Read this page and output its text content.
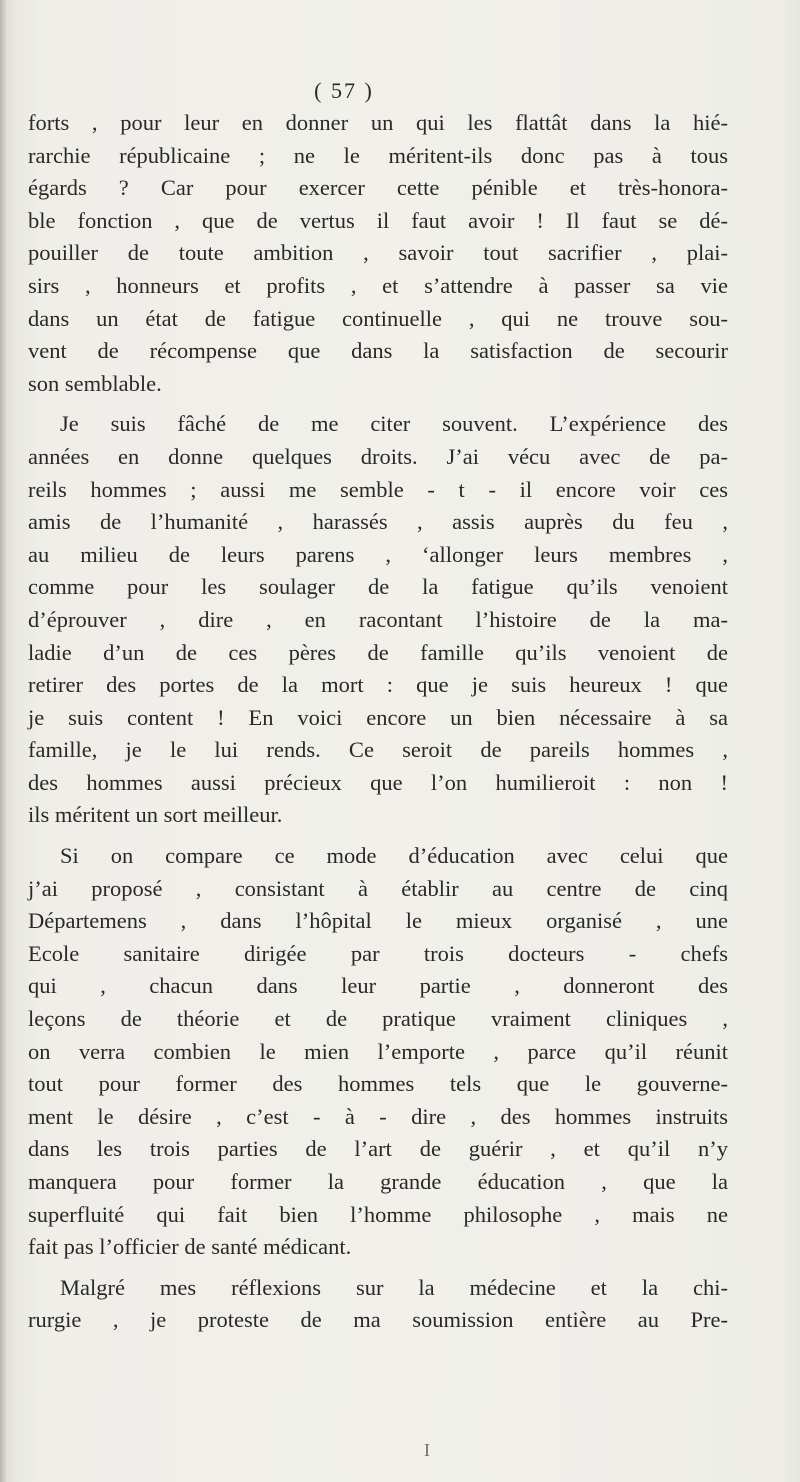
( 57 )

forts , pour leur en donner un qui les flattât dans la hié-
rarchie républicaine ; ne le méritent-ils donc pas à tous
égards ? Car pour exercer cette pénible et très-honora-
ble fonction , que de vertus il faut avoir ! Il faut se dé-
pouiller de toute ambition , savoir tout sacrifier , plai-
sirs , honneurs et profits , et s’attendre à passer sa vie
dans un état de fatigue continuelle , qui ne trouve sou-
vent de récompense que dans la satisfaction de secourir
son semblable.

Je suis fâché de me citer souvent. L’expérience des
années en donne quelques droits. J’ai vécu avec de pa-
reils hommes ; aussi me semble - t - il encore voir ces
amis de l’humanité , harassés , assis auprès du feu ,
au milieu de leurs parens , ‘allonger leurs membres ,
comme pour les soulager de la fatigue qu’ils venoient
d’éprouver , dire , en racontant l’histoire de la ma-
ladie d’un de ces pères de famille qu’ils venoient de
retirer des portes de la mort : que je suis heureux ! que
je suis content ! En voici encore un bien nécessaire à sa
famille, je le lui rends. Ce seroit de pareils hommes ,
des hommes aussi précieux que l’on humilieroit : non !
ils méritent un sort meilleur.

Si on compare ce mode d’éducation avec celui que
j’ai proposé , consistant à établir au centre de cinq
Départemens , dans l’hôpital le mieux organisé , une
Ecole sanitaire dirigée par trois docteurs - chefs
qui , chacun dans leur partie , donneront des
leçons de théorie et de pratique vraiment cliniques ,
on verra combien le mien l’emporte , parce qu’il réunit
tout pour former des hommes tels que le gouverne-
ment le désire , c’est - à - dire , des hommes instruits
dans les trois parties de l’art de guérir , et qu’il n’y
manquera pour former la grande éducation , que la
superfluité qui fait bien l’homme philosophe , mais ne
fait pas l’officier de santé médicant.

Malgré mes réflexions sur la médecine et la chi-
rurgie , je proteste de ma soumission entière au Pre-

I
